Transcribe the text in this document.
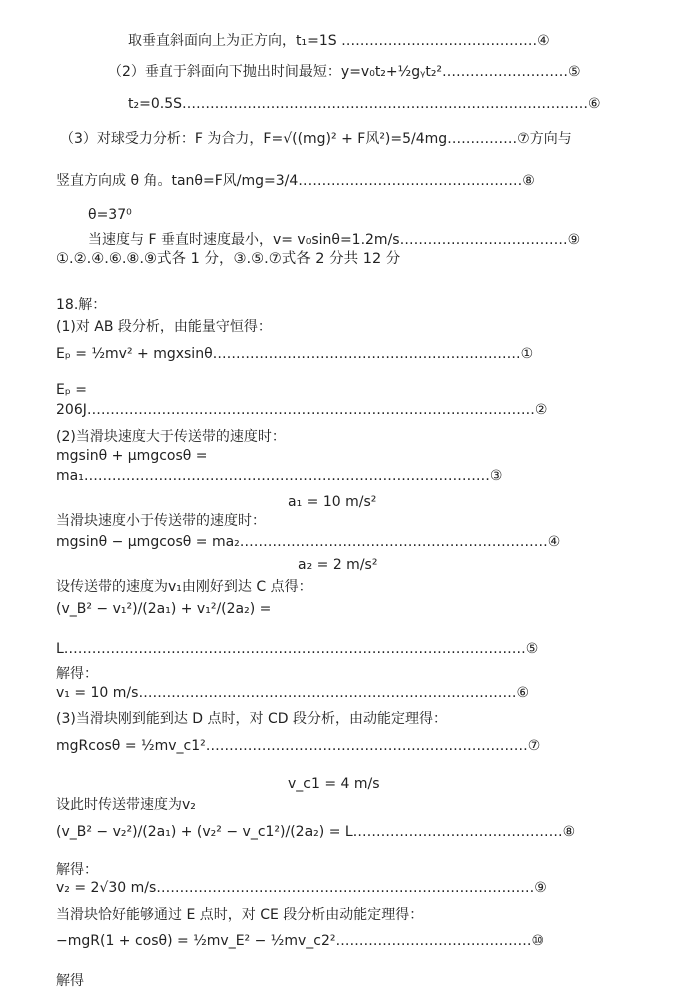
取垂直斜面向上为正方向，t₁=1S ……………………………………④
（2）垂直于斜面向下抛出时间最短：y=v₀t₂+½gᵧt₂²………………………⑤
t₂=0.5S……………………………………………………………………………⑥
（3）对球受力分析：F 为合力，F=√((mg)² + F风²)=5/4mg……………⑦方向与
竖直方向成 θ 角。tanθ=F风/mg=3/4…………………………………………⑧
θ=37⁰
当速度与 F 垂直时速度最小，v= v₀sinθ=1.2m/s………………………………⑨
①.②.④.⑥.⑧.⑨式各 1 分，③.⑤.⑦式各 2 分共 12 分
18.解：
(1)对 AB 段分析，由能量守恒得：
Eₚ = ½mv² + mgxsinθ…………………………………………………………①
Eₚ =
206J……………………………………………………………………………………②
(2)当滑块速度大于传送带的速度时：
mgsinθ + μmgcosθ =
ma₁……………………………………………………………………………③
a₁ = 10 m/s²
当滑块速度小于传送带的速度时：
mgsinθ − μmgcosθ = ma₂…………………………………………………………④
a₂ = 2 m/s²
设传送带的速度为v₁由刚好到达 C 点得：
(v_B² − v₁²)/(2a₁) + v₁²/(2a₂) =
L………………………………………………………………………………………⑤
解得：
v₁ = 10 m/s………………………………………………………………………⑥
(3)当滑块刚到能到达 D 点时，对 CD 段分析，由动能定理得：
mgRcosθ = ½mv_c1²……………………………………………………………⑦
v_c1 = 4 m/s
设此时传送带速度为v₂
(v_B² − v₂²)/(2a₁) + (v₂² − v_c1²)/(2a₂) = L………………………………………⑧
解得：
v₂ = 2√30 m/s………………………………………………………………………⑨
当滑块恰好能够通过 E 点时，对 CE 段分析由动能定理得：
−mgR(1 + cosθ) = ½mv_E² − ½mv_c2²……………………………………⑩
解得
